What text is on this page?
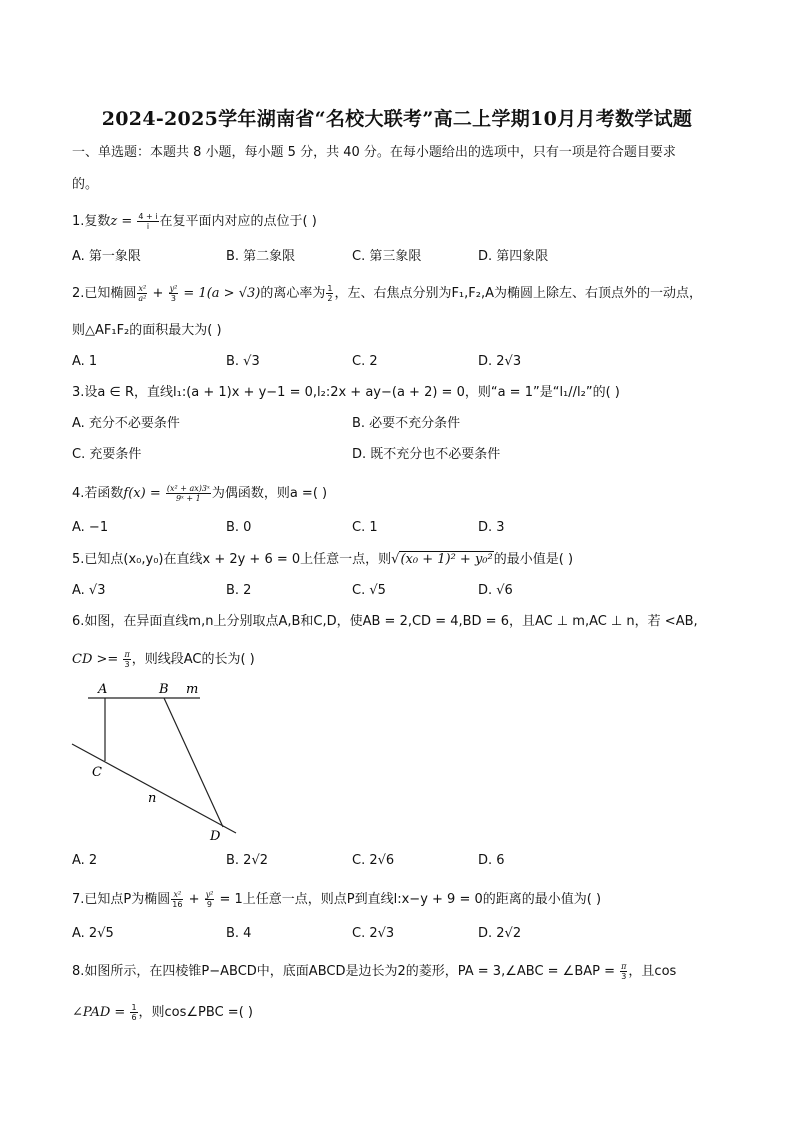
2024-2025学年湖南省“名校大联考”高二上学期10月月考数学试题
一、单选题：本题共 8 小题，每小题 5 分，共 40 分。在每小题给出的选项中，只有一项是符合题目要求
的。
1.复数$z = \frac{4 + i}{i}$ 在复平面内对应的点位于( )
A. 第一象限	B. 第二象限	C. 第三象限	D. 第四象限
2.已知椭圆 $\frac{\text{x²}}{\text{a²}} + \frac{\text{y²}}{3} = 1(a > √3)$的离心率为 $\frac{1}{2}$ ，左、右焦点分别为F₁,F₂,A为椭圆上除左、右顶点外的一动点，
则△AF₁F₂的面积最大为( )
A. 1	B. √3	C. 2	D. 2√3
3.设a ∈ R，直线l₁:(a + 1)x + y−1 = 0,l₂:2x + ay−(a + 2) = 0，则“a = 1”是“l₁//l₂”的( )
A. 充分不必要条件	B. 必要不充分条件
C. 充要条件	D. 既不充分也不必要条件
4.若函数$f(x) = \frac{\text{(x² + ax)3ˣ}}{\text{9ˣ + 1}}$ 为偶函数，则a =( )
A. −1	B. 0	C. 1	D. 3
5.已知点(x₀,y₀)在直线x + 2y + 6 = 0上任意一点，则√(x₀ + 1)² + y₀²的最小值是( )
A. √3	B. 2	C. √5	D. √6
6.如图，在异面直线m,n上分别取点A,B和C,D，使AB = 2,CD = 4,BD = 6，且AC ⊥ m,AC ⊥ n，若 <AB,
CD >= $\frac{\pi}{3}$ ，则线段AC的长为( )
A	B m
C
n
D
A. 2	B. 2√2	C. 2√6	D. 6
7.已知点P为椭圆 $\frac{\text{x²}}{16} + \frac{\text{y²}}{9} = 1$上任意一点，则点P到直线l:x−y + 9 = 0的距离的最小值为( )
A. 2√5	B. 4	C. 2√3	D. 2√2
8.如图所示，在四棱锥P−ABCD中，底面ABCD是边长为2的菱形，PA = 3,∠ABC = ∠BAP = $\frac{\pi}{3}$ ，且cos
∠PAD = $\frac{1}{6}$ ，则cos∠PBC =( )
